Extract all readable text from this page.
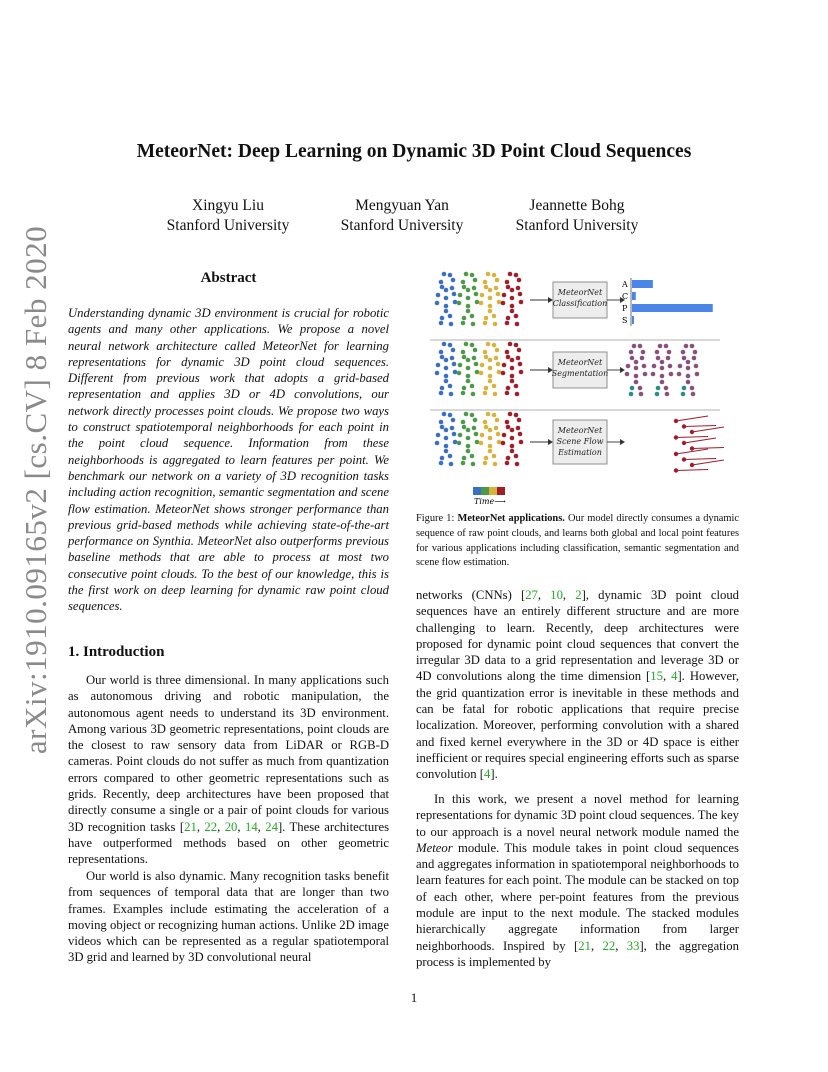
arXiv:1910.09165v2 [cs.CV] 8 Feb 2020
MeteorNet: Deep Learning on Dynamic 3D Point Cloud Sequences
Xingyu Liu
Stanford University
Mengyuan Yan
Stanford University
Jeannette Bohg
Stanford University
Abstract
Understanding dynamic 3D environment is crucial for robotic agents and many other applications. We propose a novel neural network architecture called MeteorNet for learning representations for dynamic 3D point cloud sequences. Different from previous work that adopts a grid-based representation and applies 3D or 4D convolutions, our network directly processes point clouds. We propose two ways to construct spatiotemporal neighborhoods for each point in the point cloud sequence. Information from these neighborhoods is aggregated to learn features per point. We benchmark our network on a variety of 3D recognition tasks including action recognition, semantic segmentation and scene flow estimation. MeteorNet shows stronger performance than previous grid-based methods while achieving state-of-the-art performance on Synthia. MeteorNet also outperforms previous baseline methods that are able to process at most two consecutive point clouds. To the best of our knowledge, this is the first work on deep learning for dynamic raw point cloud sequences.
1. Introduction

Our world is three dimensional. In many applications such as autonomous driving and robotic manipulation, the autonomous agent needs to understand its 3D environment. Among various 3D geometric representations, point clouds are the closest to raw sensory data from LiDAR or RGB-D cameras. Point clouds do not suffer as much from quantization errors compared to other geometric representations such as grids. Recently, deep architectures have been proposed that directly consume a single or a pair of point clouds for various 3D recognition tasks [21, 22, 20, 14, 24]. These architectures have outperformed methods based on other geometric representations.

Our world is also dynamic. Many recognition tasks benefit from sequences of temporal data that are longer than two frames. Examples include estimating the acceleration of a moving object or recognizing human actions. Unlike 2D image videos which can be represented as a regular spatiotemporal 3D grid and learned by 3D convolutional neural

MeteorNet
Classification
MeteorNet
Segmentation
MeteorNet
Scene Flow
Estimation
A
C
P
S
Time⟶
Figure 1: MeteorNet applications. Our model directly consumes a dynamic sequence of raw point clouds, and learns both global and local point features for various applications including classification, semantic segmentation and scene flow estimation.

networks (CNNs) [27, 10, 2], dynamic 3D point cloud sequences have an entirely different structure and are more challenging to learn. Recently, deep architectures were proposed for dynamic point cloud sequences that convert the irregular 3D data to a grid representation and leverage 3D or 4D convolutions along the time dimension [15, 4]. However, the grid quantization error is inevitable in these methods and can be fatal for robotic applications that require precise localization. Moreover, performing convolution with a shared and fixed kernel everywhere in the 3D or 4D space is either inefficient or requires special engineering efforts such as sparse convolution [4].

In this work, we present a novel method for learning representations for dynamic 3D point cloud sequences. The key to our approach is a novel neural network module named the Meteor module. This module takes in point cloud sequences and aggregates information in spatiotemporal neighborhoods to learn features for each point. The module can be stacked on top of each other, where per-point features from the previous module are input to the next module. The stacked modules hierarchically aggregate information from larger neighborhoods. Inspired by [21, 22, 33], the aggregation process is implemented by

1
